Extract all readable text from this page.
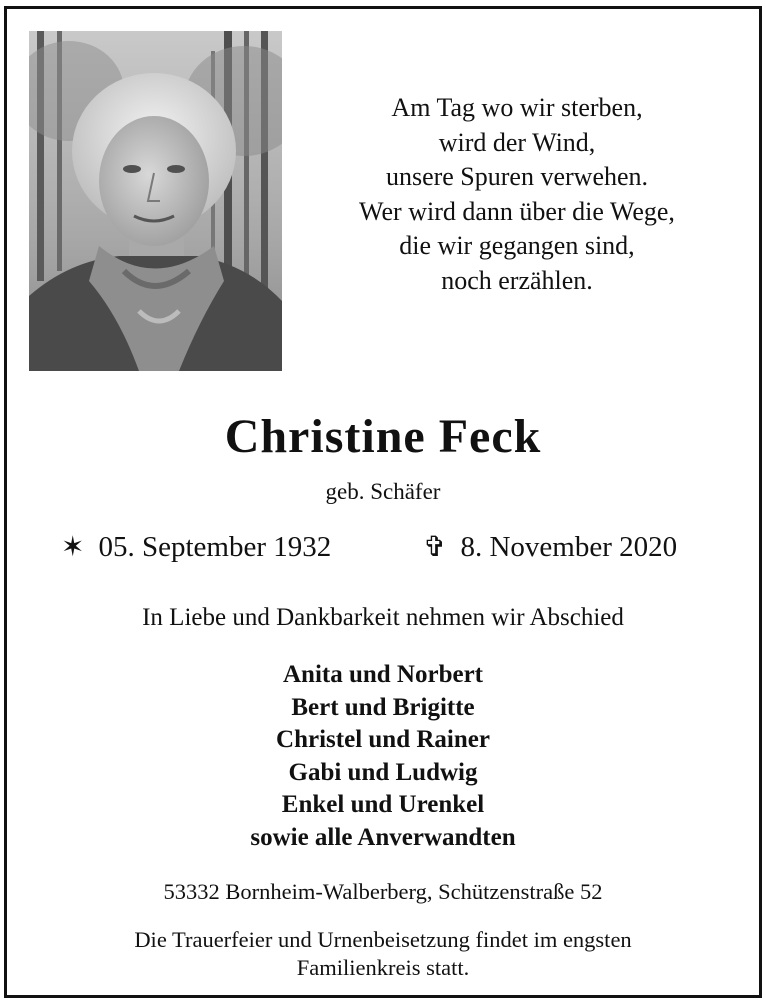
Am Tag wo wir sterben,
wird der Wind,
unsere Spuren verwehen.
Wer wird dann über die Wege,
die wir gegangen sind,
noch erzählen.
Christine Feck
geb. Schäfer
✶ 05. September 1932	✞ 8. November 2020
In Liebe und Dankbarkeit nehmen wir Abschied
Anita und Norbert
Bert und Brigitte
Christel und Rainer
Gabi und Ludwig
Enkel und Urenkel
sowie alle Anverwandten
53332 Bornheim-Walberberg, Schützenstraße 52
Die Trauerfeier und Urnenbeisetzung findet im engsten
Familienkreis statt.
